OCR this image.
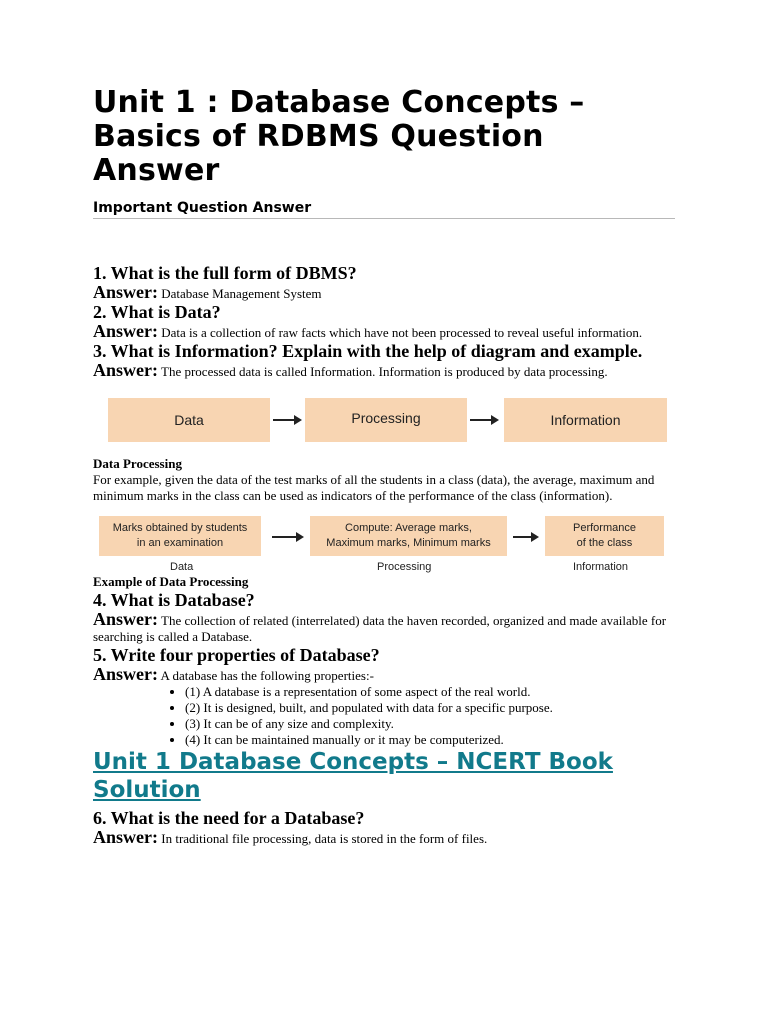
Unit 1 : Database Concepts – Basics of RDBMS Question Answer
Important Question Answer

1. What is the full form of DBMS?

Answer: Database Management System

2. What is Data?

Answer: Data is a collection of raw facts which have not been processed to reveal useful information.

3. What is Information? Explain with the help of diagram and example.

Answer: The processed data is called Information. Information is produced by data processing.

Data	Processing	Information

Data Processing

For example, given the data of the test marks of all the students in a class (data), the average, maximum and minimum marks in the class can be used as indicators of the performance of the class (information).

Marks obtained by students
in an examination
Compute: Average marks,
Maximum marks, Minimum marks
Performance
of the class
Data	Processing	Information

Example of Data Processing

4. What is Database?

Answer: The collection of related (interrelated) data the haven recorded, organized and made available for searching is called a Database.

5. Write four properties of Database?

Answer: A database has the following properties:-

• (1) A database is a representation of some aspect of the real world.
• (2) It is designed, built, and populated with data for a specific purpose.
• (3) It can be of any size and complexity.
• (4) It can be maintained manually or it may be computerized.

Unit 1 Database Concepts – NCERT Book Solution

6. What is the need for a Database?

Answer: In traditional file processing, data is stored in the form of files.
